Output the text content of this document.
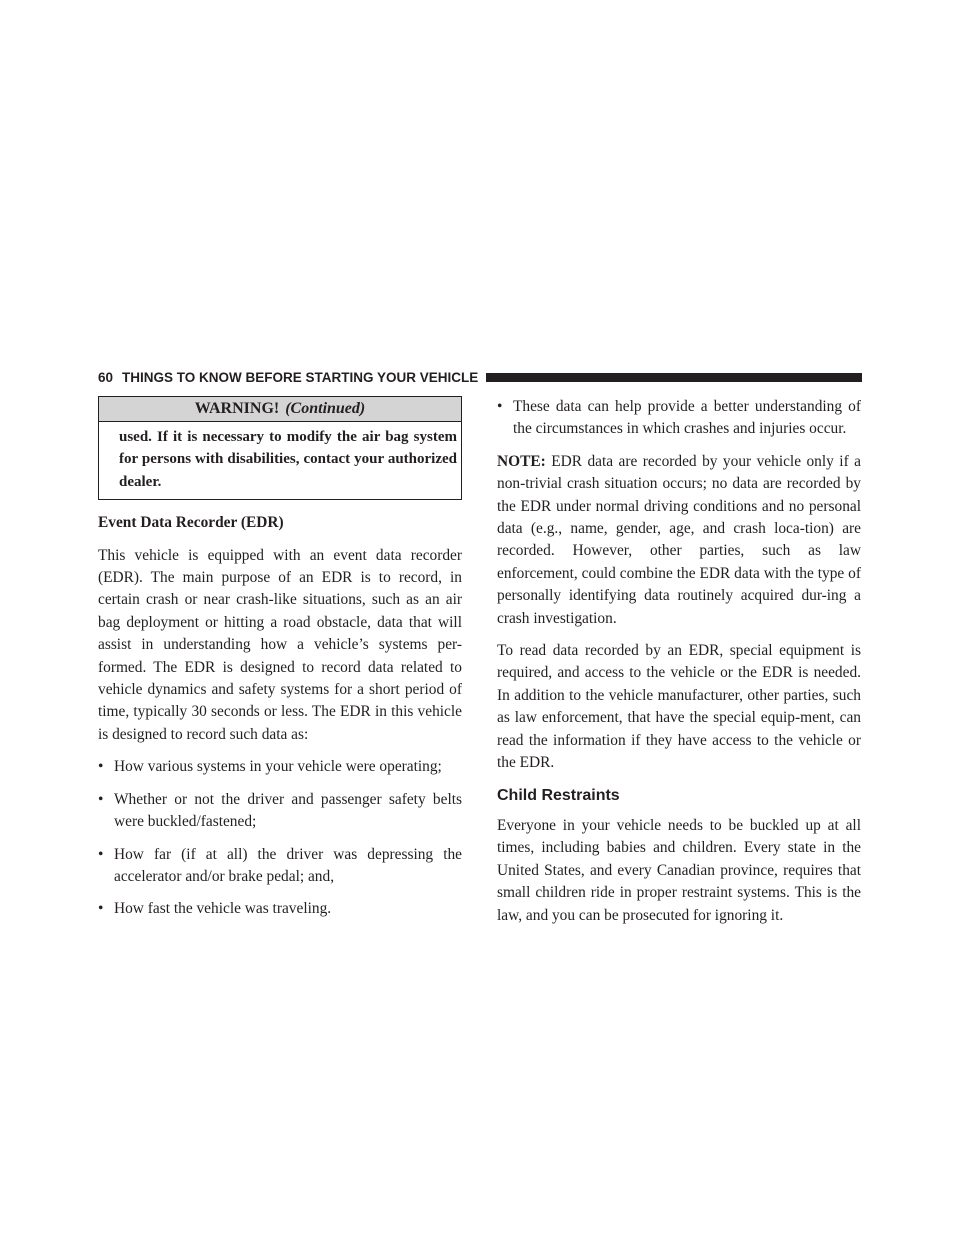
60 THINGS TO KNOW BEFORE STARTING YOUR VEHICLE
WARNING! (Continued)
used. If it is necessary to modify the air bag system for persons with disabilities, contact your authorized dealer.

Event Data Recorder (EDR)

This vehicle is equipped with an event data recorder (EDR). The main purpose of an EDR is to record, in certain crash or near crash-like situations, such as an air bag deployment or hitting a road obstacle, data that will assist in understanding how a vehicle’s systems per-formed. The EDR is designed to record data related to vehicle dynamics and safety systems for a short period of time, typically 30 seconds or less. The EDR in this vehicle is designed to record such data as:

• How various systems in your vehicle were operating;
• Whether or not the driver and passenger safety belts were buckled/fastened;
• How far (if at all) the driver was depressing the accelerator and/or brake pedal; and,
• How fast the vehicle was traveling.
• These data can help provide a better understanding of the circumstances in which crashes and injuries occur.

NOTE: EDR data are recorded by your vehicle only if a non-trivial crash situation occurs; no data are recorded by the EDR under normal driving conditions and no personal data (e.g., name, gender, age, and crash loca-tion) are recorded. However, other parties, such as law enforcement, could combine the EDR data with the type of personally identifying data routinely acquired dur-ing a crash investigation.

To read data recorded by an EDR, special equipment is required, and access to the vehicle or the EDR is needed. In addition to the vehicle manufacturer, other parties, such as law enforcement, that have the special equip-ment, can read the information if they have access to the vehicle or the EDR.

Child Restraints

Everyone in your vehicle needs to be buckled up at all times, including babies and children. Every state in the United States, and every Canadian province, requires that small children ride in proper restraint systems. This is the law, and you can be prosecuted for ignoring it.
